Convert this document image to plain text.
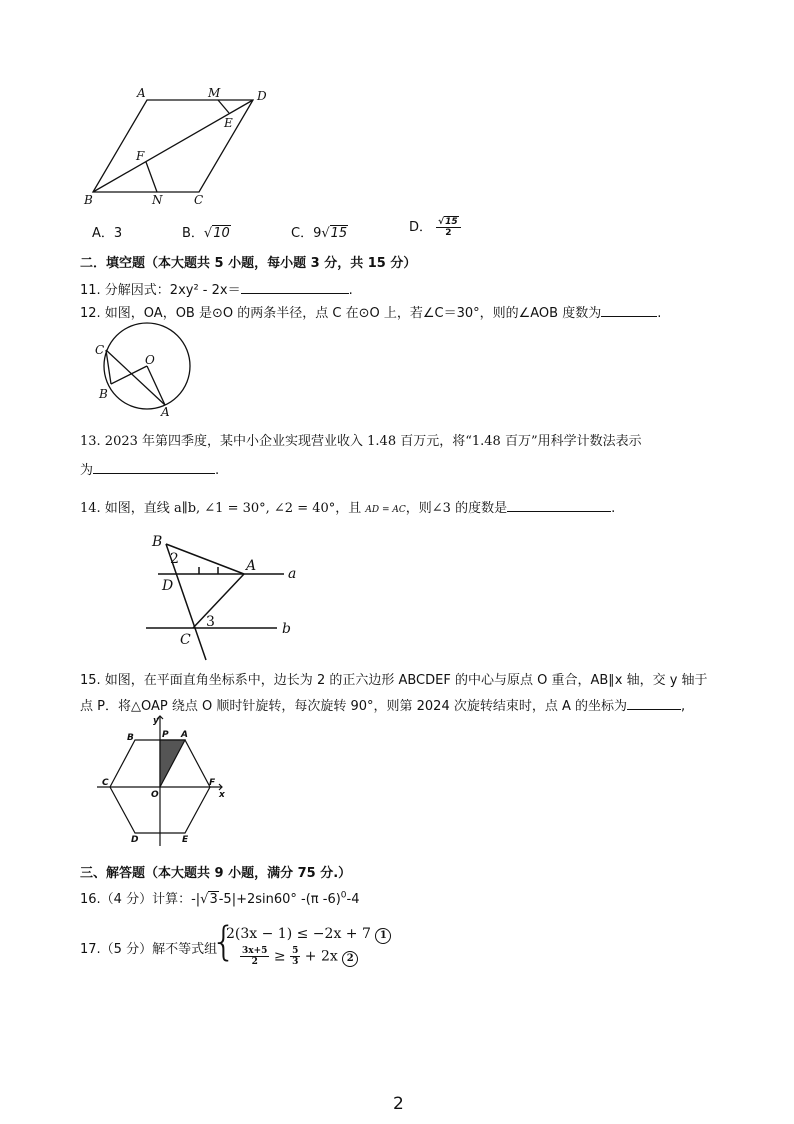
A	M	D
E
F
B	N	C
A．3	B．√10	C．9√15	D． $\frac{√15}{2}$
二．填空题（本大题共 5 小题，每小题 3 分，共 15 分）
11. 分解因式：2xy² - 2x＝	.
12. 如图，OA，OB 是⊙O 的两条半径，点 C 在⊙O 上，若∠C＝30°，则的∠AOB 度数为	.
C
O
B
A
13. 2023 年第四季度，某中小企业实现营业收入 1.48 百万元，将“1.48 百万”用科学计数法表示
为	.
14. 如图，直线 a∥b, ∠1 = 30°, ∠2 = 40°，且 AD = AC，则∠3 的度数是	.
B
2	A a
D
3
C
b
15. 如图，在平面直角坐标系中，边长为 2 的正六边形 ABCDEF 的中心与原点 O 重合，AB∥x 轴，交 y 轴于
点 P．将△OAP 绕点 O 顺时针旋转，每次旋转 90°，则第 2024 次旋转结束时，点 A 的坐标为	,
y
P A
B
C	F
O	x
D	E
三、解答题（本大题共 9 小题，满分 75 分.）
16.（4 分）计算：-|√3-5|+2sin60° -(π -6)$^0$-4
17.（5 分）解不等式组
{
2(3x − 1) ≤ −2x + 7 1
$\frac{3x+5}{2} \ge \frac{5}{3} + 2x$ 2
2
